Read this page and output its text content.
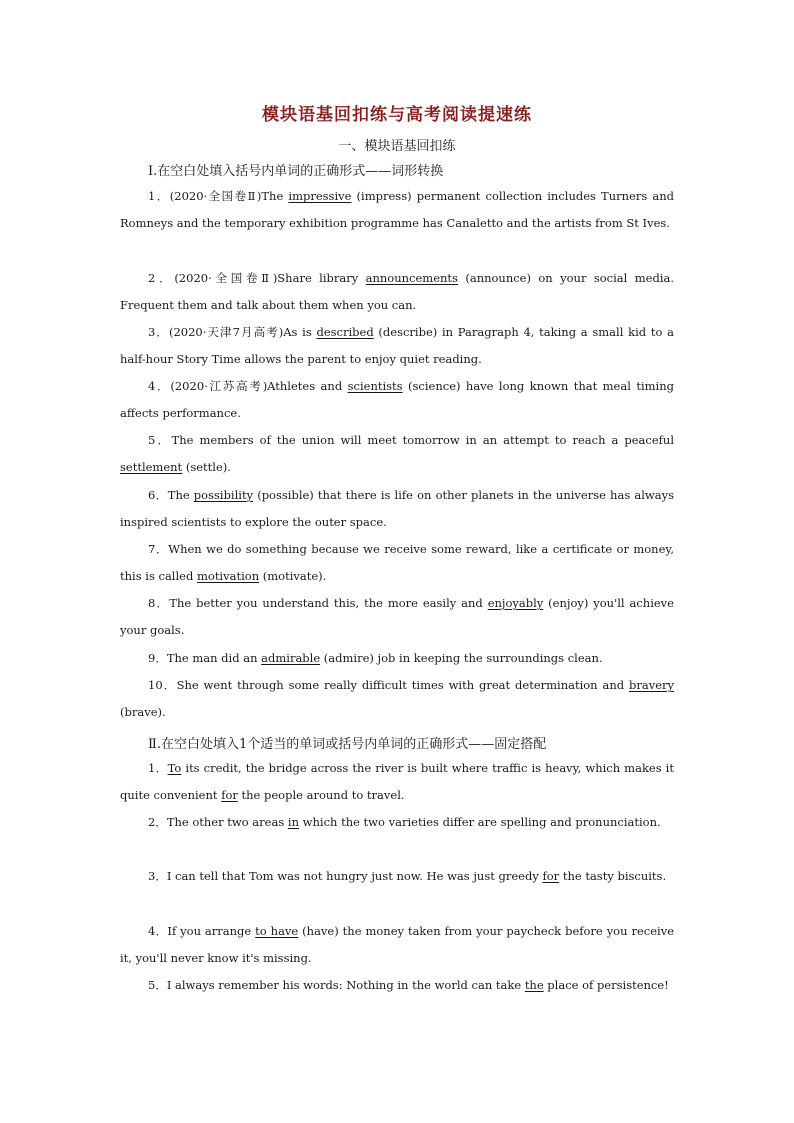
模块语基回扣练与高考阅读提速练
一、模块语基回扣练
Ⅰ.在空白处填入括号内单词的正确形式——词形转换
1．(2020·全国卷Ⅱ)The impressive (impress) permanent collection includes Turners and Romneys and the temporary exhibition programme has Canaletto and the artists from St Ives.
2．(2020·全国卷Ⅱ)Share library announcements (announce) on your social media. Frequent them and talk about them when you can.
3．(2020·天津7月高考)As is described (describe) in Paragraph 4, taking a small kid to a half-hour Story Time allows the parent to enjoy quiet reading.
4．(2020·江苏高考)Athletes and scientists (science) have long known that meal timing affects performance.
5．The members of the union will meet tomorrow in an attempt to reach a peaceful settlement (settle).
6．The possibility (possible) that there is life on other planets in the universe has always inspired scientists to explore the outer space.
7．When we do something because we receive some reward, like a certificate or money, this is called motivation (motivate).
8．The better you understand this, the more easily and enjoyably (enjoy) you'll achieve your goals.
9．The man did an admirable (admire) job in keeping the surroundings clean.
10．She went through some really difficult times with great determination and bravery (brave).
Ⅱ.在空白处填入1个适当的单词或括号内单词的正确形式——固定搭配
1．To its credit, the bridge across the river is built where traffic is heavy, which makes it quite convenient for the people around to travel.
2．The other two areas in which the two varieties differ are spelling and pronunciation.
3．I can tell that Tom was not hungry just now. He was just greedy for the tasty biscuits.
4．If you arrange to have (have) the money taken from your paycheck before you receive it, you'll never know it's missing.
5．I always remember his words: Nothing in the world can take the place of persistence!
